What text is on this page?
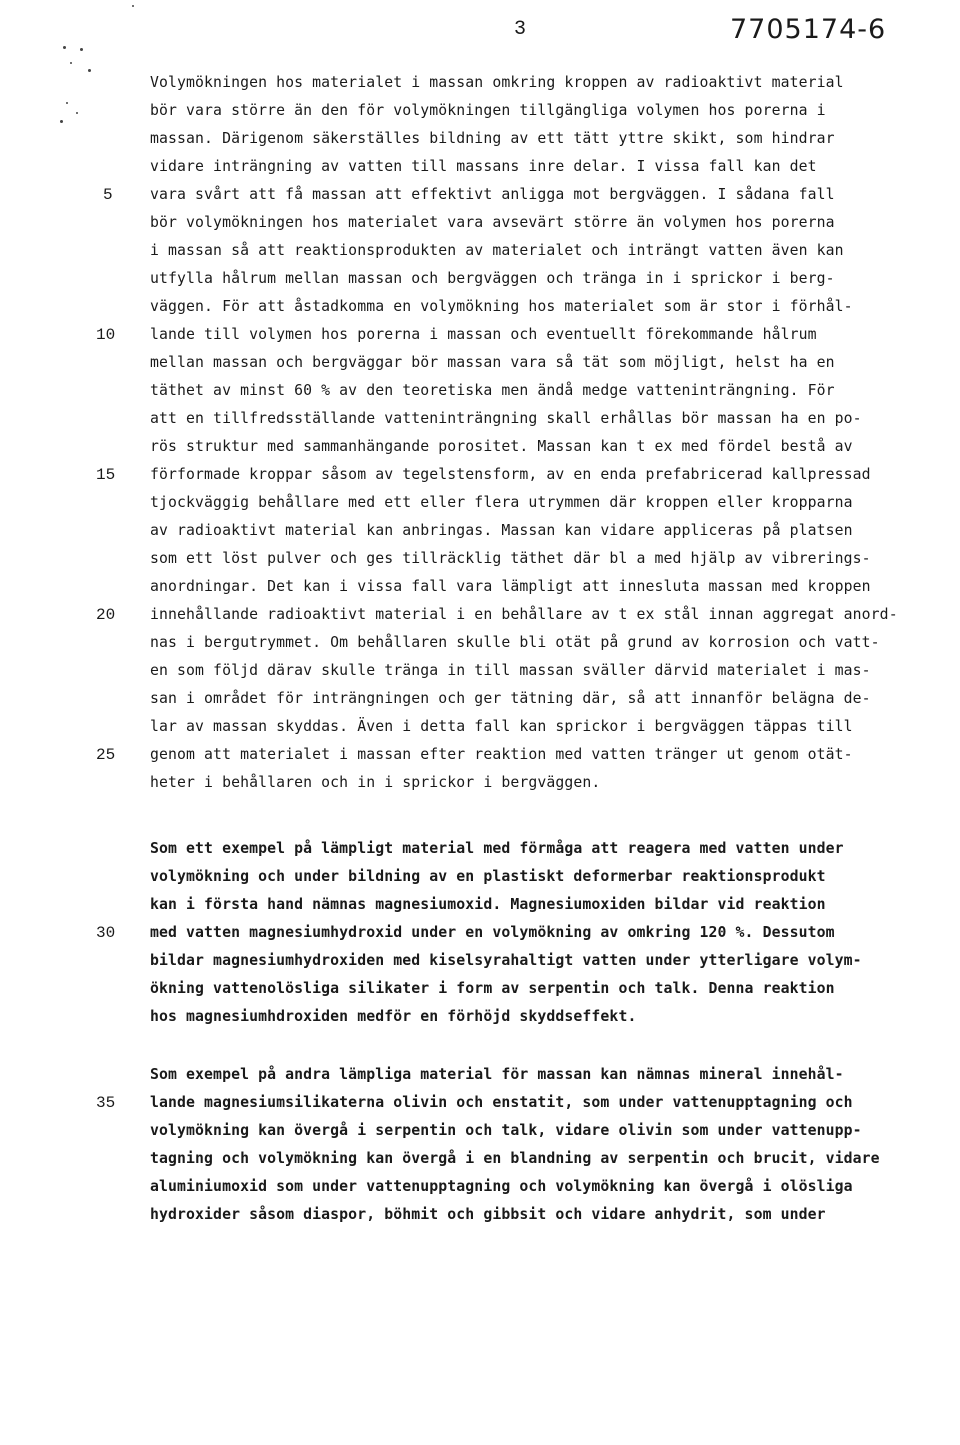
3	7705174-6
Volymökningen hos materialet i massan omkring kroppen av radioaktivt material
bör vara större än den för volymökningen tillgängliga volymen hos porerna i
massan. Därigenom säkerställes bildning av ett tätt yttre skikt, som hindrar
vidare inträngning av vatten till massans inre delar. I vissa fall kan det
vara svårt att få massan att effektivt anligga mot bergväggen. I sådana fall
bör volymökningen hos materialet vara avsevärt större än volymen hos porerna
i massan så att reaktionsprodukten av materialet och inträngt vatten även kan
utfylla hålrum mellan massan och bergväggen och tränga in i sprickor i berg-
väggen. För att åstadkomma en volymökning hos materialet som är stor i förhål-
lande till volymen hos porerna i massan och eventuellt förekommande hålrum
mellan massan och bergväggar bör massan vara så tät som möjligt, helst ha en
täthet av minst 60 % av den teoretiska men ändå medge vatteninträngning. För
att en tillfredsställande vatteninträngning skall erhållas bör massan ha en po-
rös struktur med sammanhängande porositet. Massan kan t ex med fördel bestå av
förformade kroppar såsom av tegelstensform, av en enda prefabricerad kallpressad
tjockväggig behållare med ett eller flera utrymmen där kroppen eller kropparna
av radioaktivt material kan anbringas. Massan kan vidare appliceras på platsen
som ett löst pulver och ges tillräcklig täthet där bl a med hjälp av vibrerings-
anordningar. Det kan i vissa fall vara lämpligt att innesluta massan med kroppen
innehållande radioaktivt material i en behållare av t ex stål innan aggregat anord-
nas i bergutrymmet. Om behållaren skulle bli otät på grund av korrosion och vatt-
en som följd därav skulle tränga in till massan sväller därvid materialet i mas-
san i området för inträngningen och ger tätning där, så att innanför belägna de-
lar av massan skyddas. Även i detta fall kan sprickor i bergväggen täppas till
genom att materialet i massan efter reaktion med vatten tränger ut genom otät-
heter i behållaren och in i sprickor i bergväggen.
Som ett exempel på lämpligt material med förmåga att reagera med vatten under
volymökning och under bildning av en plastiskt deformerbar reaktionsprodukt
kan i första hand nämnas magnesiumoxid. Magnesiumoxiden bildar vid reaktion
med vatten magnesiumhydroxid under en volymökning av omkring 120 %. Dessutom
bildar magnesiumhydroxiden med kiselsyrahaltigt vatten under ytterligare volym-
ökning vattenolösliga silikater i form av serpentin och talk. Denna reaktion
hos magnesiumhdroxiden medför en förhöjd skyddseffekt.
Som exempel på andra lämpliga material för massan kan nämnas mineral innehål-
lande magnesiumsilikaterna olivin och enstatit, som under vattenupptagning och
volymökning kan övergå i serpentin och talk, vidare olivin som under vattenupp-
tagning och volymökning kan övergå i en blandning av serpentin och brucit, vidare
aluminiumoxid som under vattenupptagning och volymökning kan övergå i olösliga
hydroxider såsom diaspor, böhmit och gibbsit och vidare anhydrit, som under
5
10
15
20
25
30
35
